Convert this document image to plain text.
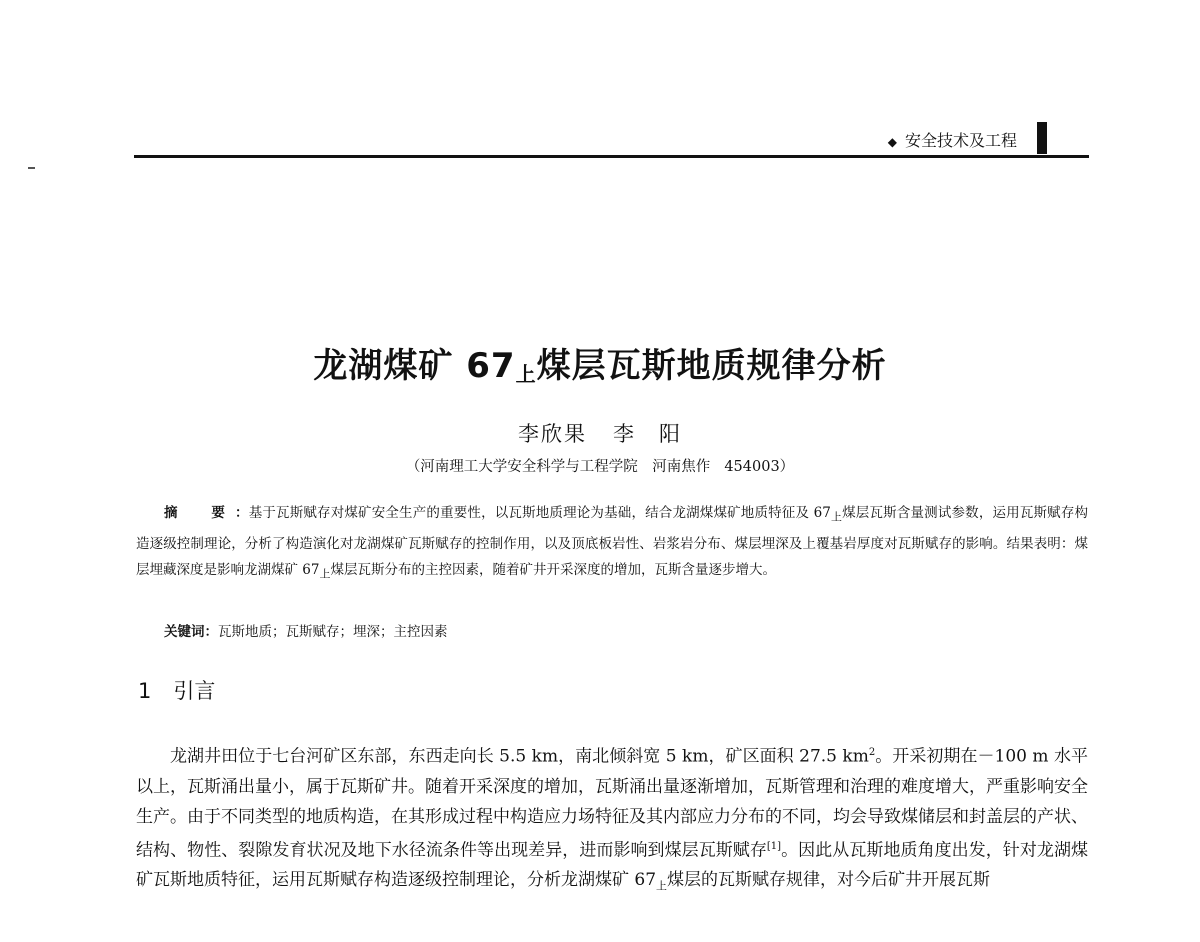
◆ 安全技术及工程
龙湖煤矿 $67_上$煤层瓦斯地质规律分析
李欣果 李　阳
（河南理工大学安全科学与工程学院　河南焦作 454003）
摘　要：基于瓦斯赋存对煤矿安全生产的重要性，以瓦斯地质理论为基础，结合龙湖煤煤矿地质特征及 $67_上$煤层瓦斯含量测试参数，运用瓦斯赋存构造逐级控制理论，分析了构造演化对龙湖煤矿瓦斯赋存的控制作用，以及顶底板岩性、岩浆岩分布、煤层埋深及上覆基岩厚度对瓦斯赋存的影响。结果表明：煤层埋藏深度是影响龙湖煤矿 $67_上$煤层瓦斯分布的主控因素，随着矿井开采深度的增加，瓦斯含量逐步增大。
关键词：瓦斯地质；瓦斯赋存；埋深；主控因素
1 引言
龙湖井田位于七台河矿区东部，东西走向长 5.5 km，南北倾斜宽 5 km，矿区面积 27.5 km$^2$。开采初期在－100 m 水平以上，瓦斯涌出量小，属于瓦斯矿井。随着开采深度的增加，瓦斯涌出量逐渐增加，瓦斯管理和治理的难度增大，严重影响安全生产。由于不同类型的地质构造，在其形成过程中构造应力场特征及其内部应力分布的不同，均会导致煤储层和封盖层的产状、结构、物性、裂隙发育状况及地下水径流条件等出现差异，进而影响到煤层瓦斯赋存[1]。因此从瓦斯地质角度出发，针对龙湖煤矿瓦斯地质特征，运用瓦斯赋存构造逐级控制理论，分析龙湖煤矿 $67_上$煤层的瓦斯赋存规律，对今后矿井开展瓦斯
